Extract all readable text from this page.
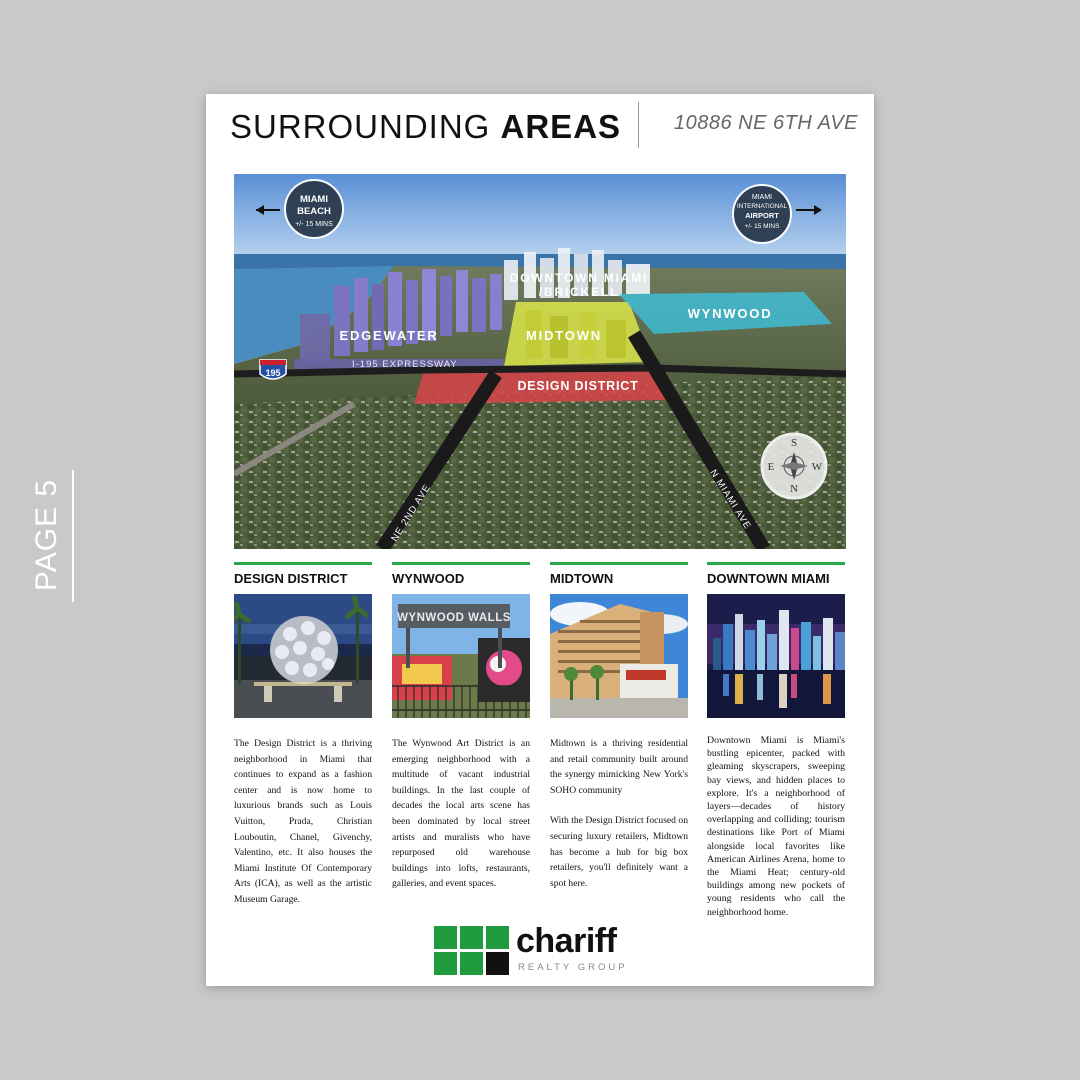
PAGE 5
SURROUNDING AREAS	10886 NE 6TH AVE
195
I-195 EXPRESSWAY
DOWNTOWN MIAMI
/BRICKELL
EDGEWATER	MIDTOWN
WYNWOOD
DESIGN DISTRICT
NE 2ND AVE	N MIAMI AVE
MIAMI
BEACH
+/- 15 MINS
MIAMI
INTERNATIONAL
AIRPORT
+/- 15 MINS
S
N
E	W
DESIGN DISTRICT

The Design District is a thriving neighborhood in Miami that continues to expand as a fashion center and is now home to luxurious brands such as Louis Vuitton, Prada, Christian Louboutin, Chanel, Givenchy, Valentino, etc. It also houses the Miami Institute Of Contemporary Arts (ICA), as well as the artistic Museum Garage.

WYNWOOD
WYNWOOD WALLS

The Wynwood Art District is an emerging neighborhood with a multitude of vacant industrial buildings. In the last couple of decades the local arts scene has been dominated by local street artists and muralists who have repurposed old warehouse buildings into lofts, restaurants, galleries, and event spaces.

MIDTOWN

Midtown is a thriving residential and retail community built around the synergy mimicking New York's SOHO community

With the Design District focused on securing luxury retailers, Midtown has become a hub for big box retailers, you'll definitely want a spot here.

DOWNTOWN MIAMI

Downtown Miami is Miami's bustling epicenter, packed with gleaming skyscrapers, sweeping bay views, and hidden places to explore. It's a neighborhood of layers—decades of history overlapping and colliding; tourism destinations like Port of Miami alongside local favorites like American Airlines Arena, home to the Miami Heat; century-old buildings among new pockets of young residents who call the neighborhood home.

chariff
REALTY GROUP
